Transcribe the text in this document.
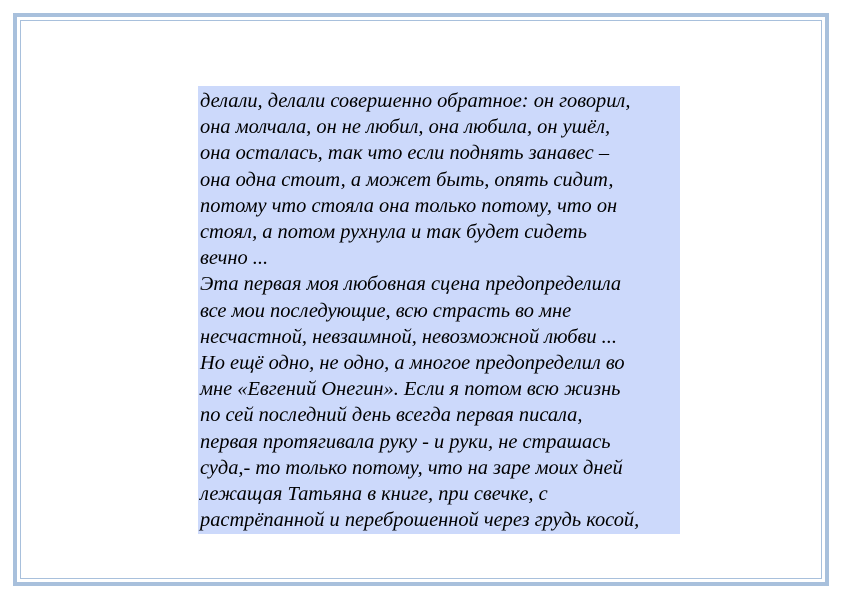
делали, делали совершенно обратное: он говорил,
она молчала, он не любил, она любила, он ушёл,
она осталась, так что если поднять занавес –
она одна стоит, а может быть, опять сидит,
потому что стояла она только потому, что он
стоял, а потом рухнула и так будет сидеть
вечно ...
Эта первая моя любовная сцена предопределила
все мои последующие, всю страсть во мне
несчастной, невзаимной, невозможной любви ...
Но ещё одно, не одно, а многое предопределил во
мне «Евгений Онегин». Если я потом всю жизнь
по сей последний день всегда первая писала,
первая протягивала руку - и руки, не страшась
суда,- то только потому, что на заре моих дней
лежащая Татьяна в книге, при свечке, с
растрёпанной и переброшенной через грудь косой,
